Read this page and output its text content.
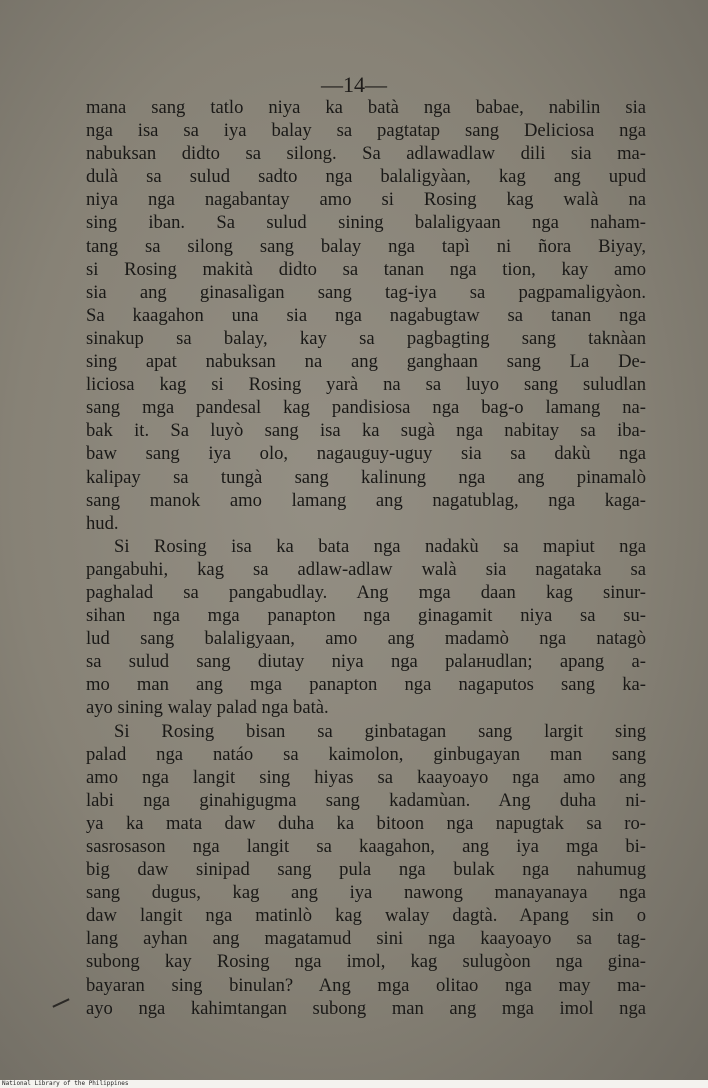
—14—
mana sang tatlo niya ka batà nga babae, nabilin sia
nga isa sa iya balay sa pagtatap sang Deliciosa nga
nabuksan didto sa silong. Sa adlawadlaw dili sia ma-
dulà sa sulud sadto nga balaligyàan, kag ang upud
niya nga nagabantay amo si Rosing kag walà na
sing iban. Sa sulud sining balaligyaan nga naham-
tang sa silong sang balay nga tapì ni ñora Biyay,
si Rosing makità didto sa tanan nga tion, kay amo
sia ang ginasalìgan sang tag-iya sa pagpamaligyàon.
Sa kaagahon una sia nga nagabugtaw sa tanan nga
sinakup sa balay, kay sa pagbagting sang taknàan
sing apat nabuksan na ang ganghaan sang La De-
liciosa kag si Rosing yarà na sa luyo sang suludlan
sang mga pandesal kag pandisiosa nga bag-o lamang na-
bak it. Sa luyò sang isa ka sugà nga nabitay sa iba-
baw sang iya olo, nagauguy-uguy sia sa dakù nga
kalipay sa tungà sang kalinung nga ang pinamalò
sang manok amo lamang ang nagatublag, nga kaga-
hud.
Si Rosing isa ka bata nga nadakù sa mapiut nga
pangabuhi, kag sa adlaw-adlaw walà sia nagataka sa
paghalad sa pangabudlay. Ang mga daan kag sinur-
sihan nga mga panapton nga ginagamit niya sa su-
lud sang balaligyaan, amo ang madamò nga natagò
sa sulud sang diutay niya nga palaнudlan; apang a-
mo man ang mga panapton nga nagaputos sang ka-
ayo sining walay palad nga batà.
Si Rosing bisan sa ginbatagan sang largit sing
palad nga natáo sa kaimolon, ginbugayan man sang
amo nga langit sing hiyas sa kaayoayo nga amo ang
labi nga ginahigugma sang kadamùan. Ang duha ni-
ya ka mata daw duha ka bitoon nga napugtak sa ro-
sasrosason nga langit sa kaagahon, ang iya mga bi-
big daw sinipad sang pula nga bulak nga nahumug
sang dugus, kag ang iya nawong manayanaya nga
daw langit nga matinlò kag walay dagtà. Apang sin o
lang ayhan ang magatamud sini nga kaayoayo sa tag-
subong kay Rosing nga imol, kag sulugòon nga gina-
bayaran sing binulan? Ang mga olitao nga may ma-
ayo nga kahimtangan subong man ang mga imol nga
National Library of the Philippines
